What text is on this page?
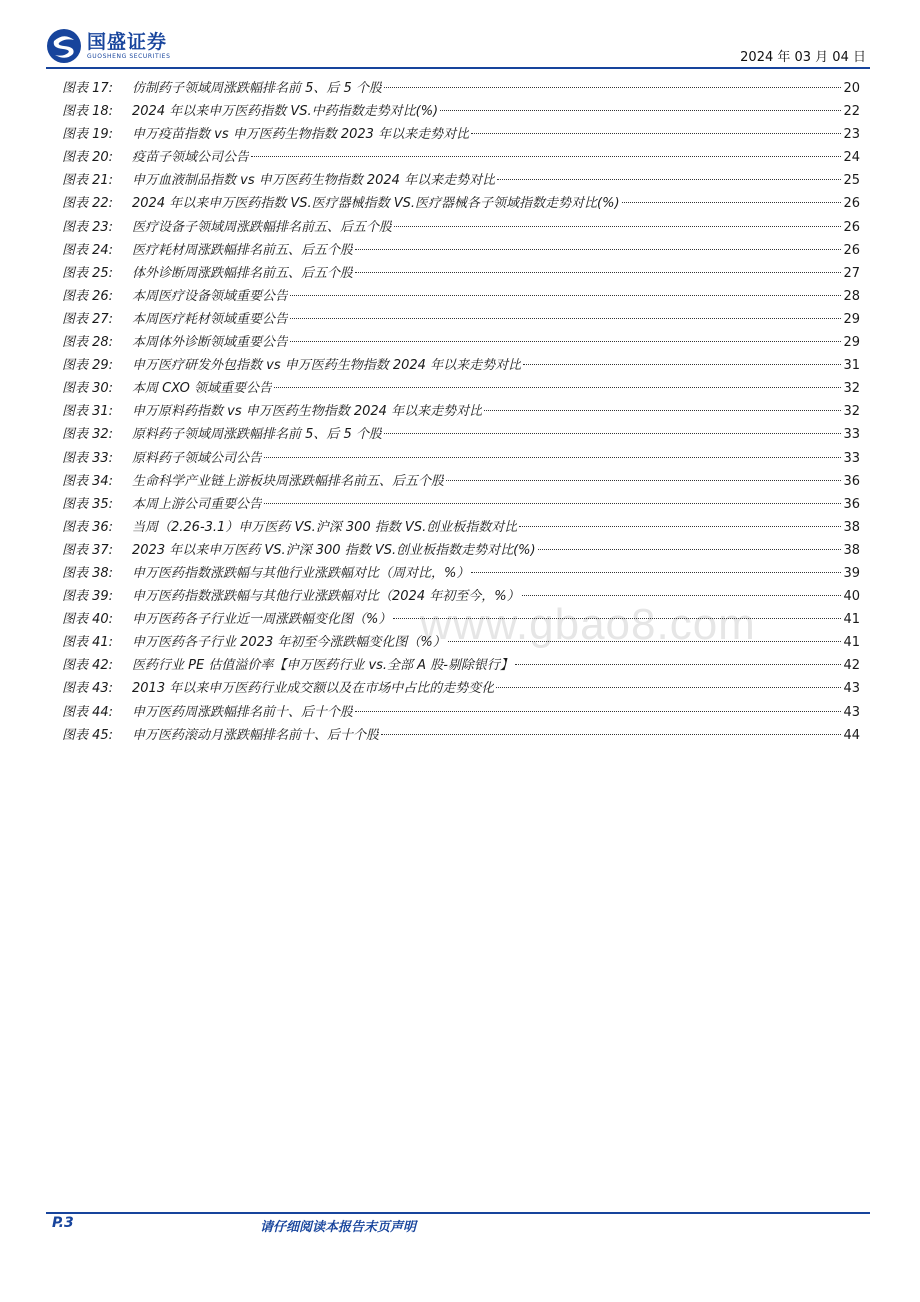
国盛证券
GUOSHENG SECURITIES	2024 年 03 月 04 日
www.gbao8.com
图表 17:	仿制药子领域周涨跌幅排名前 5、后 5 个股	20
图表 18:	2024 年以来申万医药指数 VS.中药指数走势对比(%)	22
图表 19:	申万疫苗指数 vs 申万医药生物指数 2023 年以来走势对比	23
图表 20:	疫苗子领域公司公告	24
图表 21:	申万血液制品指数 vs 申万医药生物指数 2024 年以来走势对比	25
图表 22:	2024 年以来申万医药指数 VS.医疗器械指数 VS.医疗器械各子领域指数走势对比(%)	26
图表 23:	医疗设备子领域周涨跌幅排名前五、后五个股	26
图表 24:	医疗耗材周涨跌幅排名前五、后五个股	26
图表 25:	体外诊断周涨跌幅排名前五、后五个股	27
图表 26:	本周医疗设备领域重要公告	28
图表 27:	本周医疗耗材领域重要公告	29
图表 28:	本周体外诊断领域重要公告	29
图表 29:	申万医疗研发外包指数 vs 申万医药生物指数 2024 年以来走势对比	31
图表 30:	本周 CXO 领域重要公告	32
图表 31:	申万原料药指数 vs 申万医药生物指数 2024 年以来走势对比	32
图表 32:	原料药子领域周涨跌幅排名前 5、后 5 个股	33
图表 33:	原料药子领域公司公告	33
图表 34:	生命科学产业链上游板块周涨跌幅排名前五、后五个股	36
图表 35:	本周上游公司重要公告	36
图表 36:	当周（2.26-3.1）申万医药 VS.沪深 300 指数 VS.创业板指数对比	38
图表 37:	2023 年以来申万医药 VS.沪深 300 指数 VS.创业板指数走势对比(%)	38
图表 38:	申万医药指数涨跌幅与其他行业涨跌幅对比（周对比，%）	39
图表 39:	申万医药指数涨跌幅与其他行业涨跌幅对比（2024 年初至今，%）	40
图表 40:	申万医药各子行业近一周涨跌幅变化图（%）	41
图表 41:	申万医药各子行业 2023 年初至今涨跌幅变化图（%）	41
图表 42:	医药行业 PE 估值溢价率【申万医药行业 vs.全部 A 股-剔除银行】	42
图表 43:	2013 年以来申万医药行业成交额以及在市场中占比的走势变化	43
图表 44:	申万医药周涨跌幅排名前十、后十个股	43
图表 45:	申万医药滚动月涨跌幅排名前十、后十个股	44
P.3	请仔细阅读本报告末页声明
